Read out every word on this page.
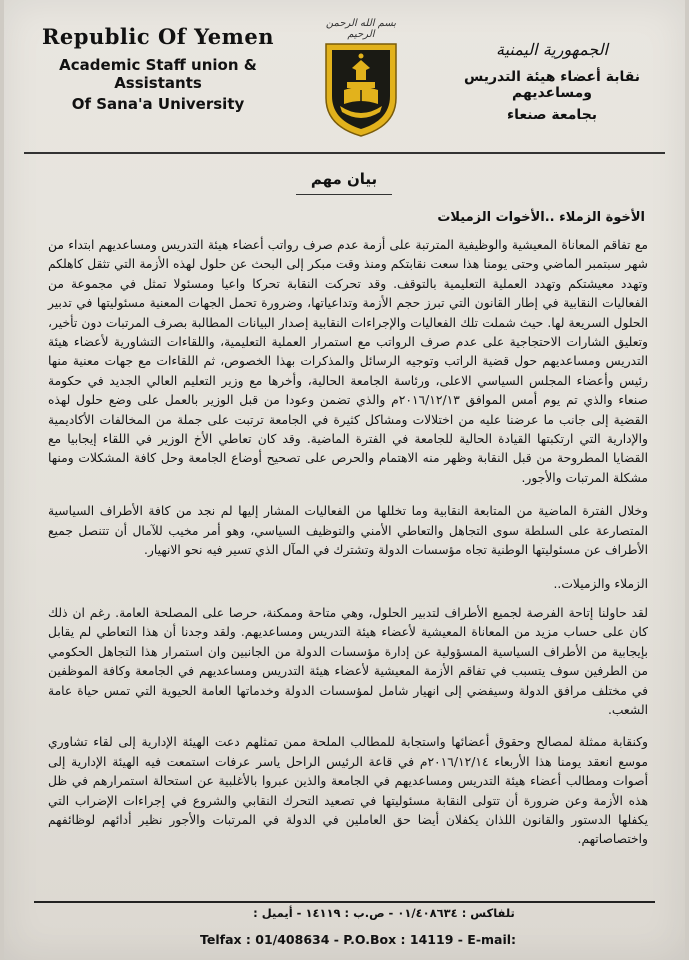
Republic Of Yemen
Academic Staff union & Assistants
Of Sana'a University
بسم الله الرحمن الرحيم
الجمهورية اليمنية
نقابة أعضاء هيئة التدريس ومساعديهم
بجامعة صنعاء
بيان مهم
الأخوة الزملاء ..الأخوات الزميلات

مع تفاقم المعاناة المعيشية والوظيفية المترتبة على أزمة عدم صرف رواتب أعضاء هيئة التدريس ومساعديهم ابتداء من شهر سبتمبر الماضي وحتى يومنا هذا سعت نقابتكم ومنذ وقت مبكر إلى البحث عن حلول لهذه الأزمة التي تثقل كاهلكم وتهدد معيشتكم وتهدد العملية التعليمية بالتوقف. وقد تحركت النقابة تحركا واعيا ومسئولا تمثل في مجموعة من الفعاليات النقابية في إطار القانون التي تبرز حجم الأزمة وتداعياتها، وضرورة تحمل الجهات المعنية مسئوليتها في تدبير الحلول السريعة لها. حيث شملت تلك الفعاليات والإجراءات النقابية إصدار البيانات المطالبة بصرف المرتبات دون تأخير، وتعليق الشارات الاحتجاجية على عدم صرف الرواتب مع استمرار العملية التعليمية، واللقاءات التشاورية لأعضاء هيئة التدريس ومساعديهم حول قضية الراتب وتوجيه الرسائل والمذكرات بهذا الخصوص، ثم اللقاءات مع جهات معنية منها رئيس وأعضاء المجلس السياسي الاعلى، ورئاسة الجامعة الحالية، وأخرها مع وزير التعليم العالي الجديد في حكومة صنعاء والذي تم يوم أمس الموافق ٢٠١٦/١٢/١٣م والذي تضمن وعودا من قبل الوزير بالعمل على وضع حلول لهذه القضية إلى جانب ما عرضنا عليه من اختلالات ومشاكل كثيرة في الجامعة ترتبت على جملة من المخالفات الأكاديمية والإدارية التي ارتكبتها القيادة الحالية للجامعة في الفترة الماضية. وقد كان تعاطي الأخ الوزير في اللقاء إيجابيا مع القضايا المطروحة من قبل النقابة وظهر منه الاهتمام والحرص على تصحيح أوضاع الجامعة وحل كافة المشكلات ومنها مشكلة المرتبات والأجور.

وخلال الفترة الماضية من المتابعة النقابية وما تخللها من الفعاليات المشار إليها لم نجد من كافة الأطراف السياسية المتصارعة على السلطة سوى التجاهل والتعاطي الأمني والتوظيف السياسي، وهو أمر مخيب للآمال أن تتنصل جميع الأطراف عن مسئوليتها الوطنية تجاه مؤسسات الدولة وتشترك في المآل الذي تسير فيه نحو الانهيار.

الزملاء والزميلات..

لقد حاولنا إتاحة الفرصة لجميع الأطراف لتدبير الحلول، وهي متاحة وممكنة، حرصا على المصلحة العامة. رغم ان ذلك كان على حساب مزيد من المعاناة المعيشية لأعضاء هيئة التدريس ومساعديهم. ولقد وجدنا أن هذا التعاطي لم يقابل بإيجابية من الأطراف السياسية المسؤولية عن إدارة مؤسسات الدولة من الجانبين وان استمرار هذا التجاهل الحكومي من الطرفين سوف يتسبب في تفاقم الأزمة المعيشية لأعضاء هيئة التدريس ومساعديهم في الجامعة وكافة الموظفين في مختلف مرافق الدولة وسيفضي إلى انهيار شامل لمؤسسات الدولة وخدماتها العامة الحيوية التي تمس حياة عامة الشعب.

وكنقابة ممثلة لمصالح وحقوق أعضائها واستجابة للمطالب الملحة ممن تمثلهم دعت الهيئة الإدارية إلى لقاء تشاوري موسع انعقد يومنا هذا الأربعاء ٢٠١٦/١٢/١٤م في قاعة الرئيس الراحل ياسر عرفات استمعت فيه الهيئة الإدارية إلى أصوات ومطالب أعضاء هيئة التدريس ومساعديهم في الجامعة والذين عبروا بالأغلبية عن استحالة استمرارهم في ظل هذه الأزمة وعن ضرورة أن تتولى النقابة مسئوليتها في تصعيد التحرك النقابي والشروع في إجراءات الإضراب التي يكفلها الدستور والقانون اللذان يكفلان أيضا حق العاملين في الدولة في المرتبات والأجور نظير أدائهم لوظائفهم واختصاصاتهم.

تلفاكس : ٠١/٤٠٨٦٣٤ - ص.ب : ١٤١١٩ - أيميل :
Telfax : 01/408634 - P.O.Box : 14119 - E-mail:
